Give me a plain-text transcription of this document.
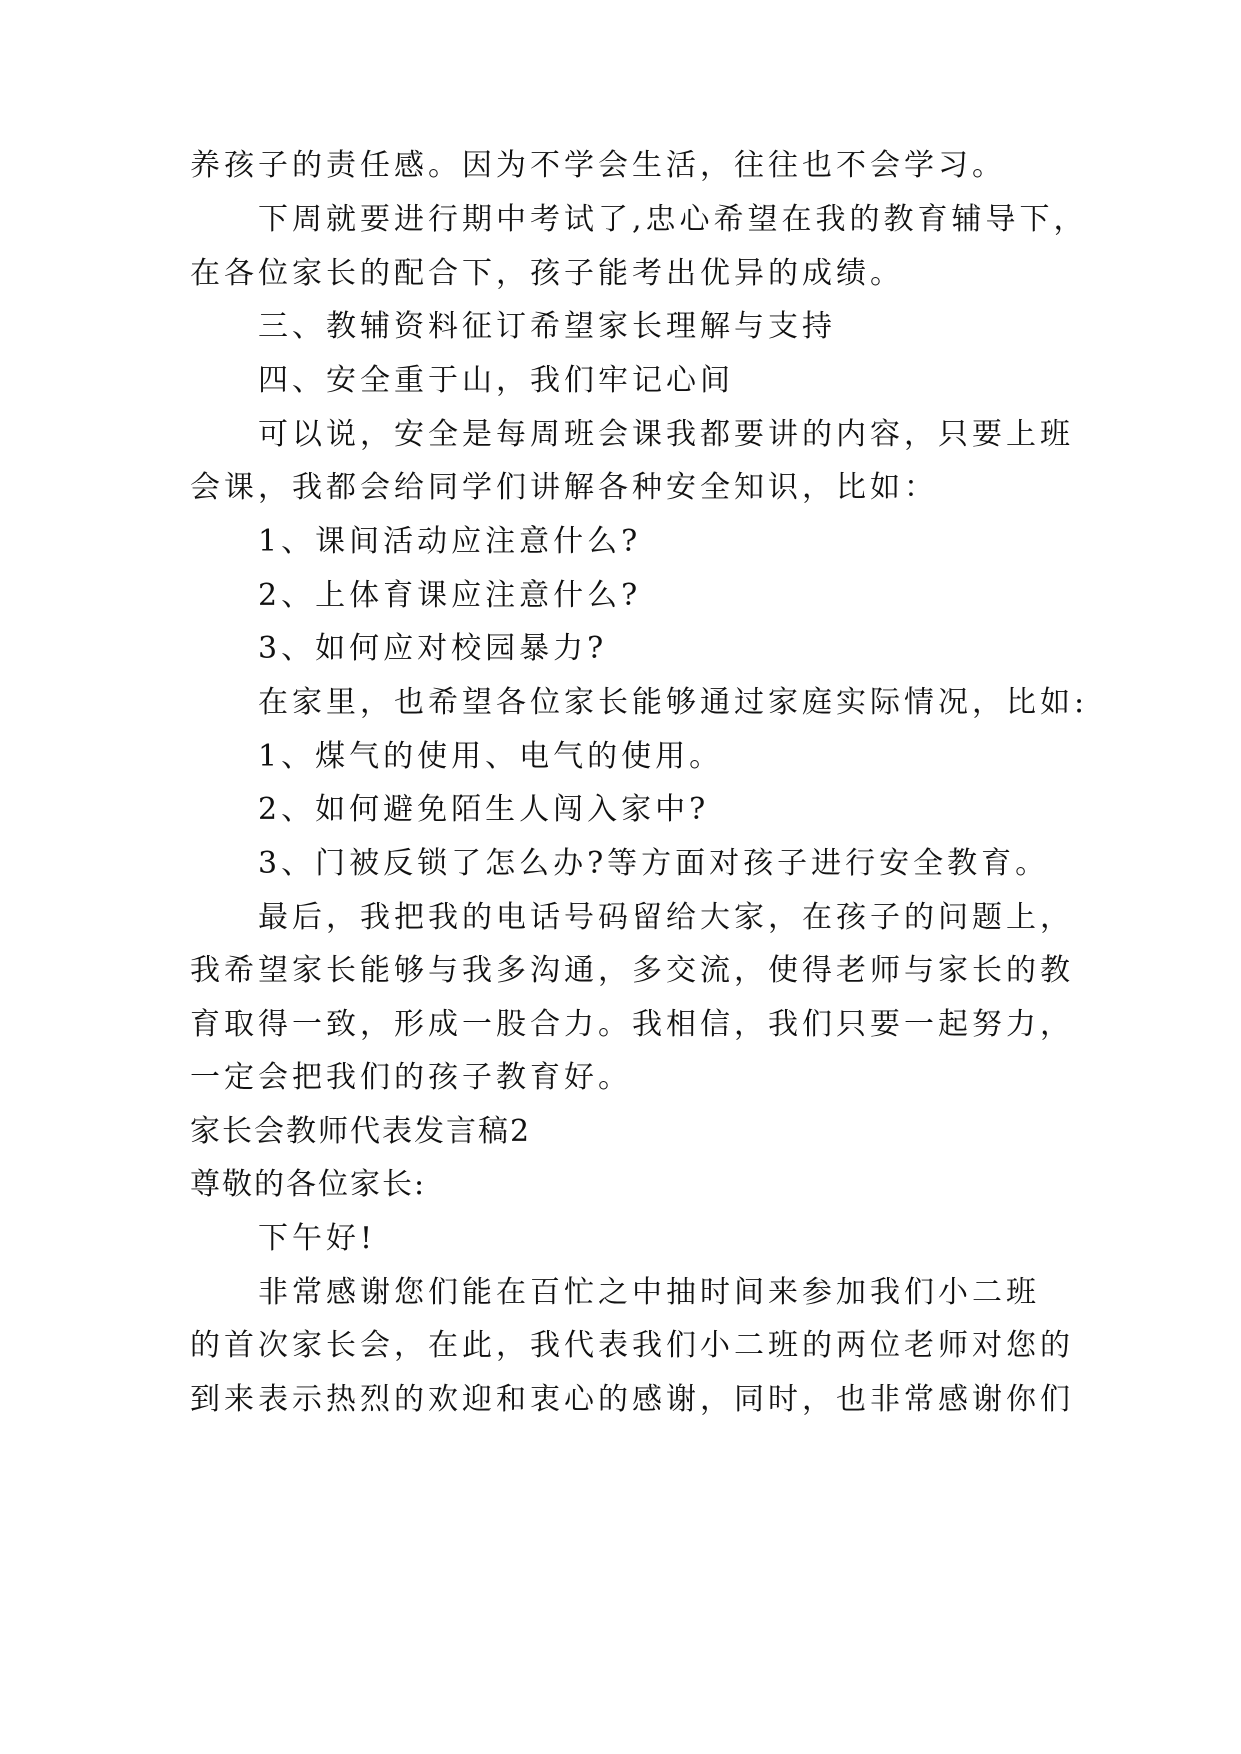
养孩子的责任感。因为不学会生活，往往也不会学习。
下周就要进行期中考试了,忠心希望在我的教育辅导下，
在各位家长的配合下，孩子能考出优异的成绩。
三、教辅资料征订希望家长理解与支持
四、安全重于山，我们牢记心间
可以说，安全是每周班会课我都要讲的内容，只要上班
会课，我都会给同学们讲解各种安全知识，比如：
1、课间活动应注意什么?
2、上体育课应注意什么?
3、如何应对校园暴力?
在家里，也希望各位家长能够通过家庭实际情况，比如:
1、煤气的使用、电气的使用。
2、如何避免陌生人闯入家中?
3、门被反锁了怎么办?等方面对孩子进行安全教育。
最后，我把我的电话号码留给大家，在孩子的问题上，
我希望家长能够与我多沟通，多交流，使得老师与家长的教
育取得一致，形成一股合力。我相信，我们只要一起努力，
一定会把我们的孩子教育好。
家长会教师代表发言稿2
尊敬的各位家长:
下午好!
非常感谢您们能在百忙之中抽时间来参加我们小二班
的首次家长会，在此，我代表我们小二班的两位老师对您的
到来表示热烈的欢迎和衷心的感谢，同时，也非常感谢你们
